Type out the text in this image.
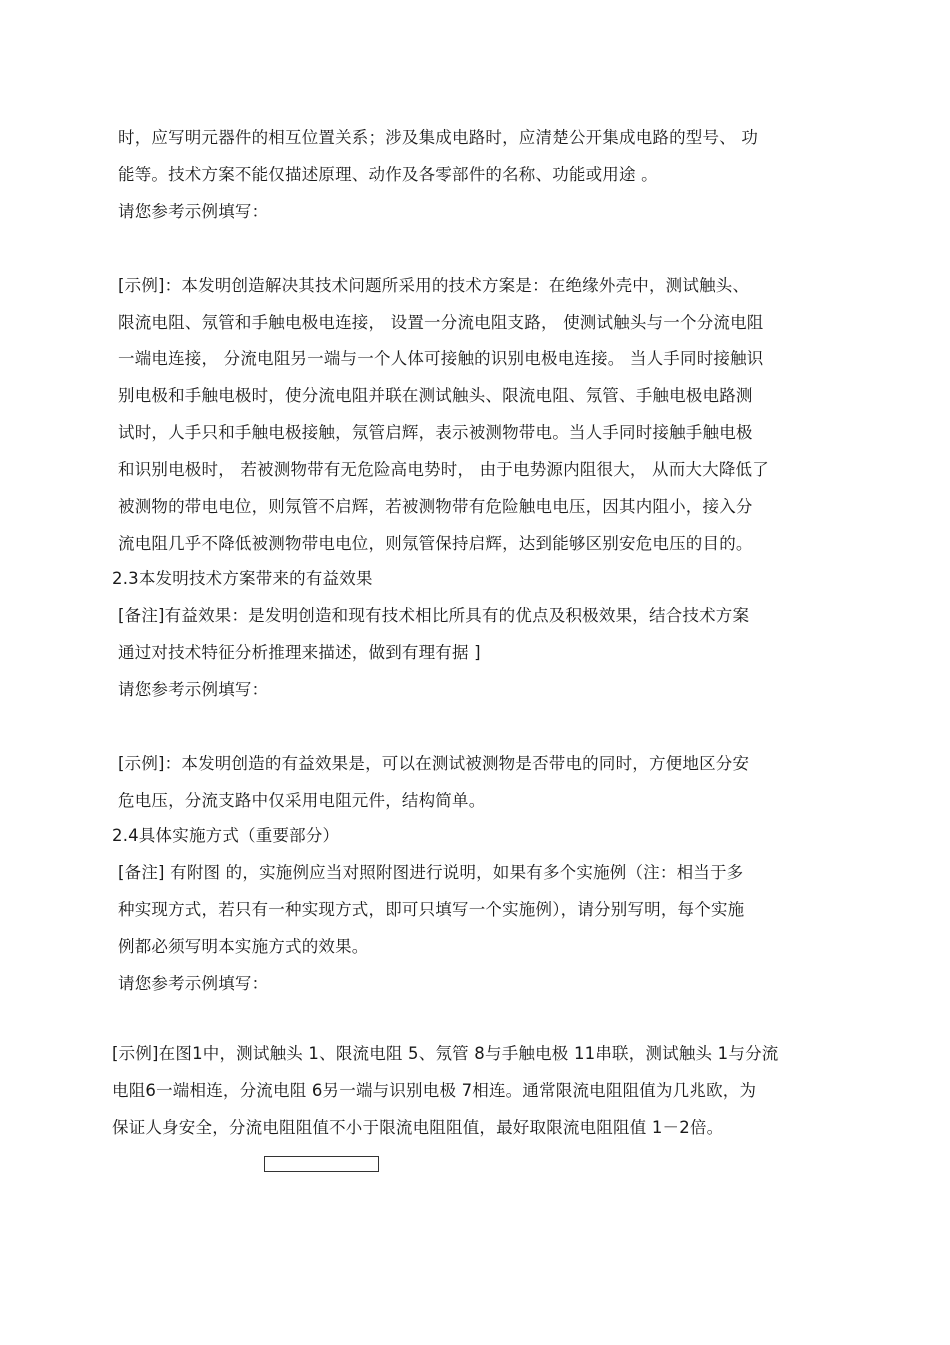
时，应写明元器件的相互位置关系；涉及集成电路时，应清楚公开集成电路的型号、 功
能等。技术方案不能仅描述原理、动作及各零部件的名称、功能或用途 。
请您参考示例填写：
[示例]：本发明创造解决其技术问题所采用的技术方案是：在绝缘外壳中，测试触头、
限流电阻、氖管和手触电极电连接， 设置一分流电阻支路， 使测试触头与一个分流电阻
一端电连接， 分流电阻另一端与一个人体可接触的识别电极电连接。 当人手同时接触识
别电极和手触电极时，使分流电阻并联在测试触头、限流电阻、氖管、手触电极电路测
试时，人手只和手触电极接触，氖管启辉，表示被测物带电。当人手同时接触手触电极
和识别电极时， 若被测物带有无危险高电势时， 由于电势源内阻很大， 从而大大降低了
被测物的带电电位，则氖管不启辉，若被测物带有危险触电电压，因其内阻小，接入分
流电阻几乎不降低被测物带电电位，则氖管保持启辉，达到能够区别安危电压的目的。
2.3本发明技术方案带来的有益效果
[备注]有益效果：是发明创造和现有技术相比所具有的优点及积极效果，结合技术方案
通过对技术特征分析推理来描述，做到有理有据 ]
请您参考示例填写：
[示例]：本发明创造的有益效果是，可以在测试被测物是否带电的同时，方便地区分安
危电压，分流支路中仅采用电阻元件，结构简单。
2.4具体实施方式（重要部分）
[备注] 有附图 的，实施例应当对照附图进行说明，如果有多个实施例（注：相当于多
种实现方式，若只有一种实现方式，即可只填写一个实施例），请分别写明，每个实施
例都必须写明本实施方式的效果。
请您参考示例填写：
[示例]在图1中，测试触头 1、限流电阻 5、氖管 8与手触电极 11串联，测试触头 1与分流
电阻6一端相连，分流电阻 6另一端与识别电极 7相连。通常限流电阻阻值为几兆欧，为
保证人身安全，分流电阻阻值不小于限流电阻阻值，最好取限流电阻阻值 1－2倍。
